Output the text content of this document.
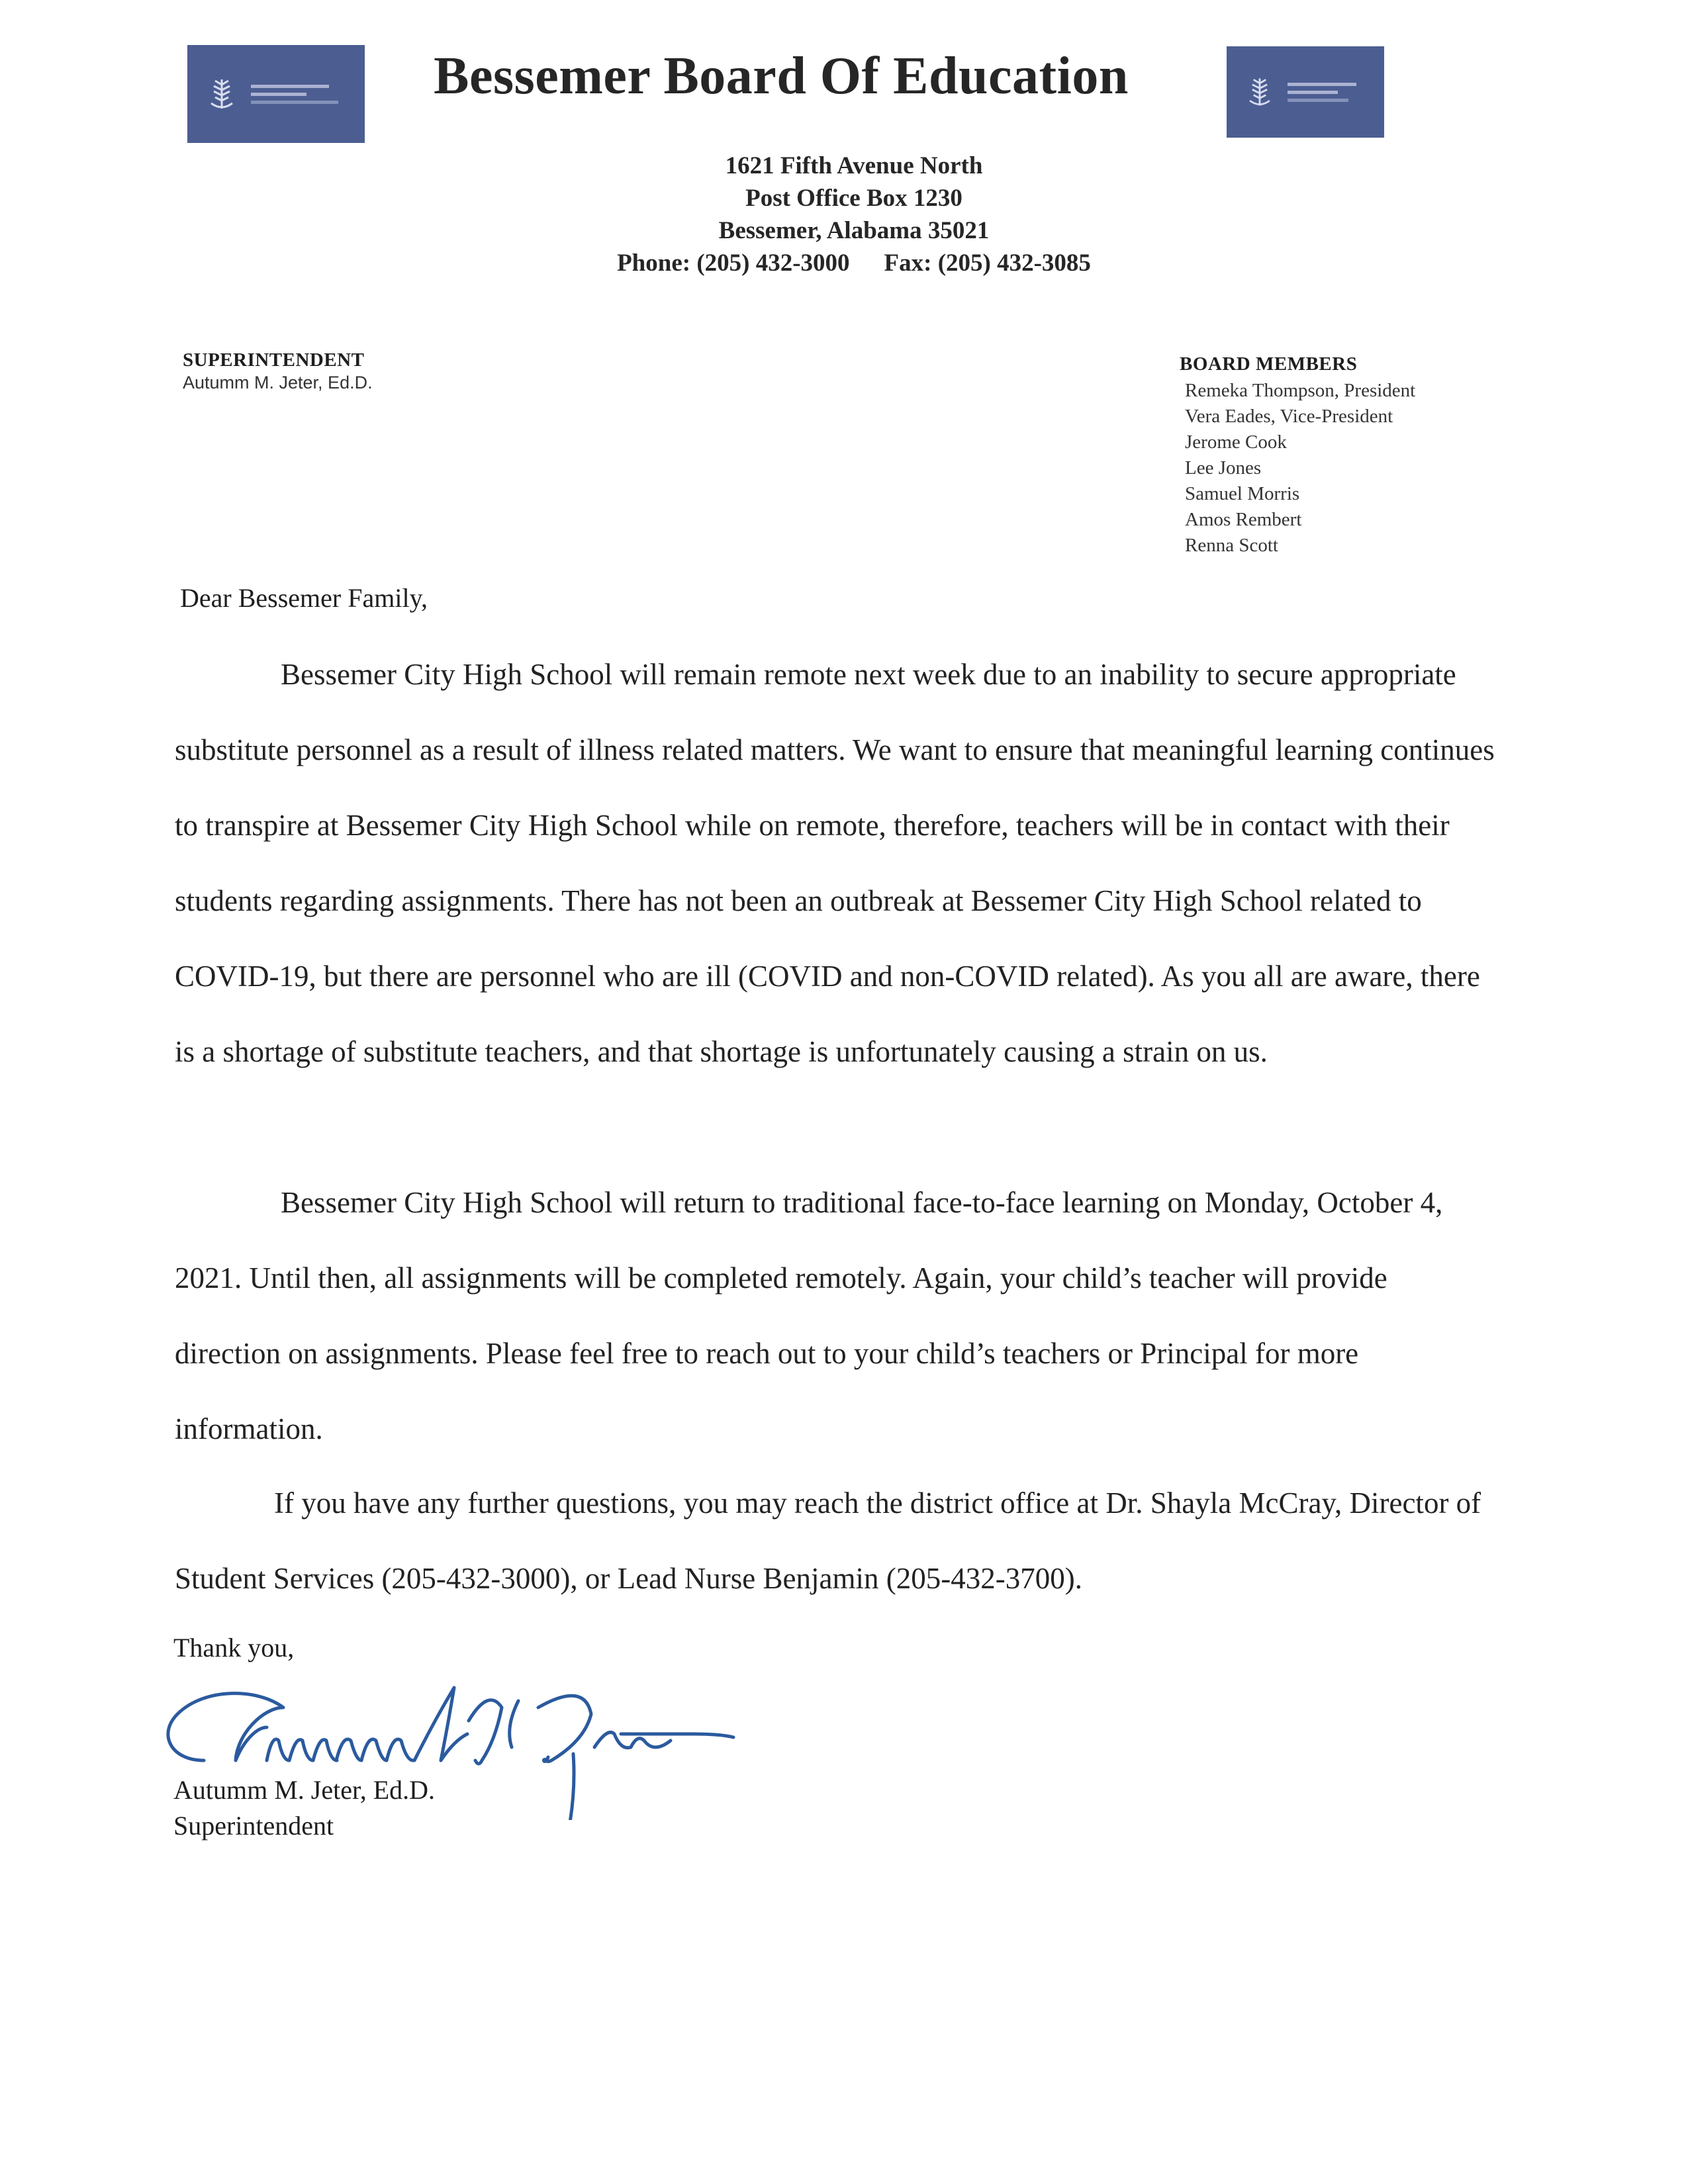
Bessemer Board Of Education
1621 Fifth Avenue North
Post Office Box 1230
Bessemer, Alabama 35021
Phone: (205) 432-3000 Fax: (205) 432-3085
SUPERINTENDENT
Autumm M. Jeter, Ed.D.
BOARD MEMBERS
Remeka Thompson, President
Vera Eades, Vice-President
Jerome Cook
Lee Jones
Samuel Morris
Amos Rembert
Renna Scott
Dear Bessemer Family,

Bessemer City High School will remain remote next week due to an inability to secure appropriate substitute personnel as a result of illness related matters. We want to ensure that meaningful learning continues to transpire at Bessemer City High School while on remote, therefore, teachers will be in contact with their students regarding assignments. There has not been an outbreak at Bessemer City High School related to COVID-19, but there are personnel who are ill (COVID and non-COVID related). As you all are aware, there is a shortage of substitute teachers, and that shortage is unfortunately causing a strain on us.

Bessemer City High School will return to traditional face-to-face learning on Monday, October 4, 2021. Until then, all assignments will be completed remotely. Again, your child’s teacher will provide direction on assignments. Please feel free to reach out to your child’s teachers or Principal for more information.

If you have any further questions, you may reach the district office at Dr. Shayla McCray, Director of Student Services (205-432-3000), or Lead Nurse Benjamin (205-432-3700).

Thank you,
Autumm M. Jeter, Ed.D.
Superintendent
